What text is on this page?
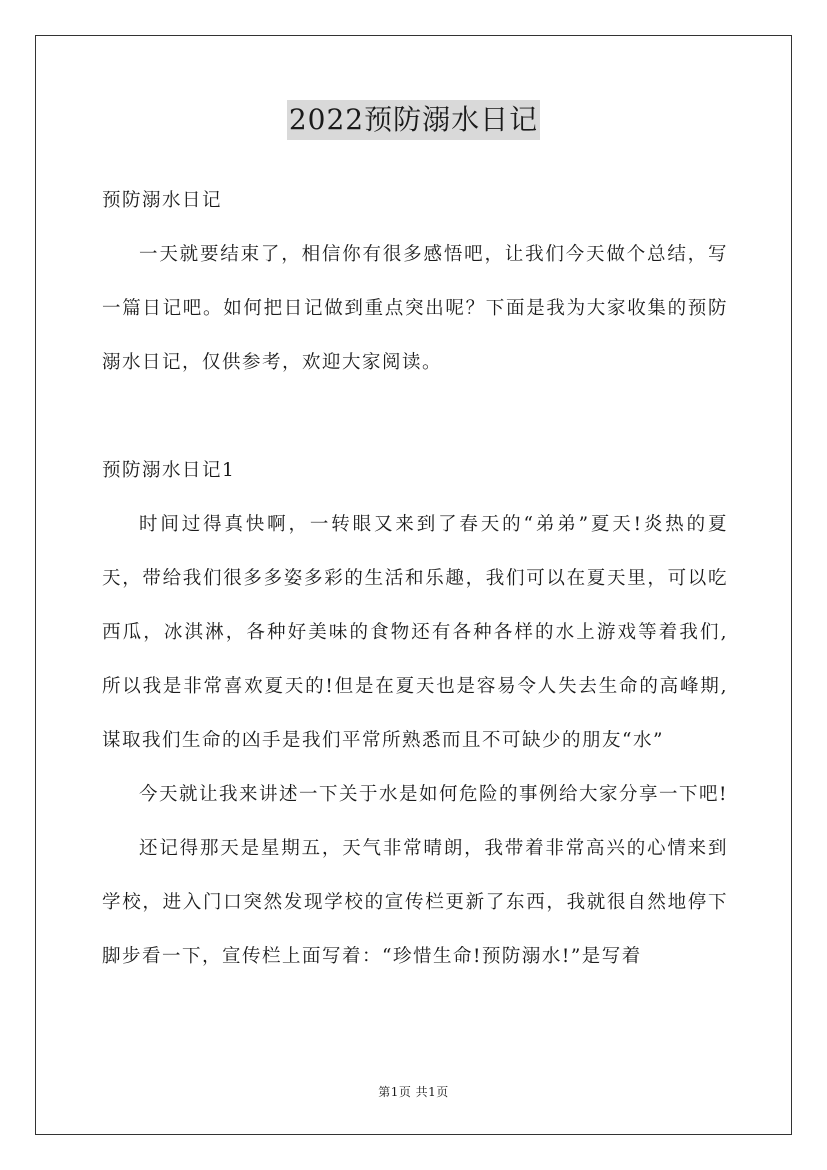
2022预防溺水日记

预防溺水日记

一天就要结束了，相信你有很多感悟吧，让我们今天做个总结，写一篇日记吧。如何把日记做到重点突出呢？下面是我为大家收集的预防溺水日记，仅供参考，欢迎大家阅读。

预防溺水日记1

时间过得真快啊，一转眼又来到了春天的“弟弟”夏天!炎热的夏天，带给我们很多多姿多彩的生活和乐趣，我们可以在夏天里，可以吃西瓜，冰淇淋，各种好美味的食物还有各种各样的水上游戏等着我们,所以我是非常喜欢夏天的!但是在夏天也是容易令人失去生命的高峰期,谋取我们生命的凶手是我们平常所熟悉而且不可缺少的朋友“水”

今天就让我来讲述一下关于水是如何危险的事例给大家分享一下吧!

还记得那天是星期五，天气非常晴朗，我带着非常高兴的心情来到学校，进入门口突然发现学校的宣传栏更新了东西，我就很自然地停下脚步看一下，宣传栏上面写着：“珍惜生命!预防溺水!”是写着

第1页 共1页
